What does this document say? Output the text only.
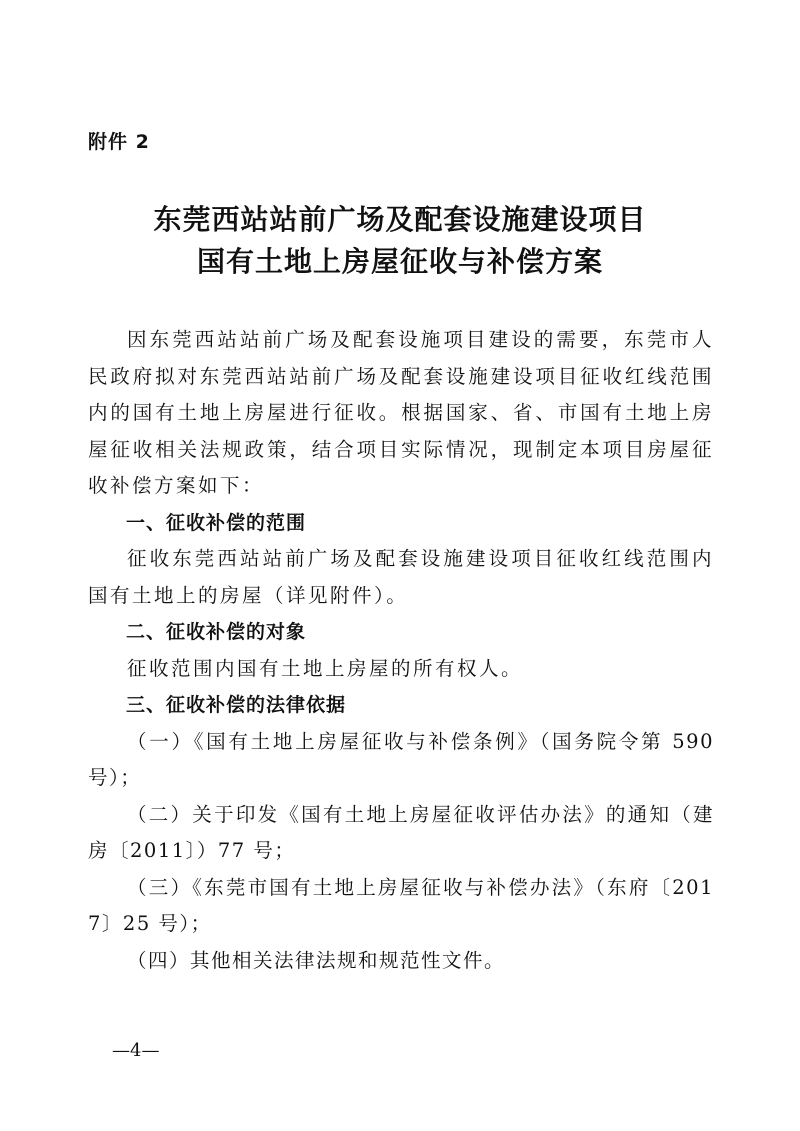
附件 2
东莞西站站前广场及配套设施建设项目
国有土地上房屋征收与补偿方案

因东莞西站站前广场及配套设施项目建设的需要，东莞市人民政府拟对东莞西站站前广场及配套设施建设项目征收红线范围内的国有土地上房屋进行征收。根据国家、省、市国有土地上房屋征收相关法规政策，结合项目实际情况，现制定本项目房屋征收补偿方案如下：

一、征收补偿的范围

征收东莞西站站前广场及配套设施建设项目征收红线范围内国有土地上的房屋（详见附件）。

二、征收补偿的对象

征收范围内国有土地上房屋的所有权人。

三、征收补偿的法律依据

（一）《国有土地上房屋征收与补偿条例》（国务院令第 590 号）；

（二）关于印发《国有土地上房屋征收评估办法》的通知（建房〔2011〕）77 号；

（三）《东莞市国有土地上房屋征收与补偿办法》（东府〔2017〕25 号）；

（四）其他相关法律法规和规范性文件。

—4—
